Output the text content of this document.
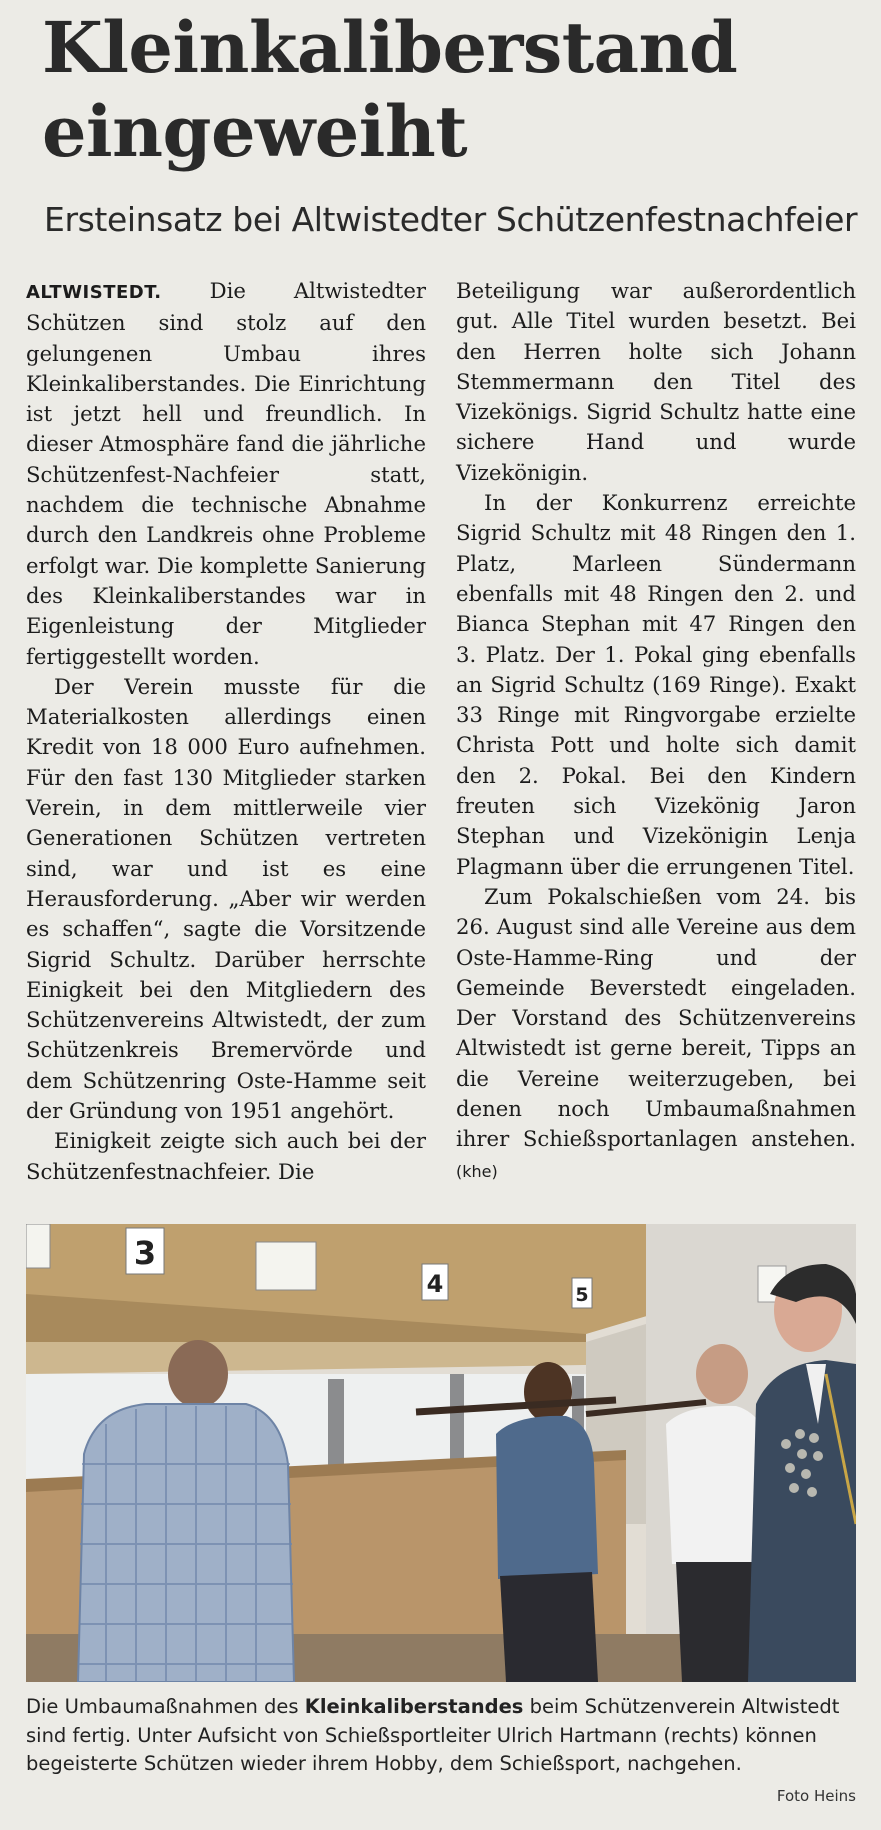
Kleinkaliberstand
eingeweiht
Ersteinsatz bei Altwistedter Schützenfestnachfeier

ALTWISTEDT. Die Altwistedter Schützen sind stolz auf den gelungenen Umbau ihres Kleinkaliberstandes. Die Einrichtung ist jetzt hell und freundlich. In dieser Atmosphäre fand die jährliche Schützenfest-Nachfeier statt, nachdem die technische Abnahme durch den Landkreis ohne Probleme erfolgt war. Die komplette Sanierung des Kleinkaliberstandes war in Eigenleistung der Mitglieder fertiggestellt worden.

Der Verein musste für die Materialkosten allerdings einen Kredit von 18 000 Euro aufnehmen. Für den fast 130 Mitglieder starken Verein, in dem mittlerweile vier Generationen Schützen vertreten sind, war und ist es eine Herausforderung. „Aber wir werden es schaffen“, sagte die Vorsitzende Sigrid Schultz. Darüber herrschte Einigkeit bei den Mitgliedern des Schützenvereins Altwistedt, der zum Schützenkreis Bremervörde und dem Schützenring Oste-Hamme seit der Gründung von 1951 angehört.

Einigkeit zeigte sich auch bei der Schützenfestnachfeier. Die

Beteiligung war außerordentlich gut. Alle Titel wurden besetzt. Bei den Herren holte sich Johann Stemmermann den Titel des Vizekönigs. Sigrid Schultz hatte eine sichere Hand und wurde Vizekönigin.

In der Konkurrenz erreichte Sigrid Schultz mit 48 Ringen den 1. Platz, Marleen Sündermann ebenfalls mit 48 Ringen den 2. und Bianca Stephan mit 47 Ringen den 3. Platz. Der 1. Pokal ging ebenfalls an Sigrid Schultz (169 Ringe). Exakt 33 Ringe mit Ringvorgabe erzielte Christa Pott und holte sich damit den 2. Pokal. Bei den Kindern freuten sich Vizekönig Jaron Stephan und Vizekönigin Lenja Plagmann über die errungenen Titel.

Zum Pokalschießen vom 24. bis 26. August sind alle Vereine aus dem Oste-Hamme-Ring und der Gemeinde Beverstedt eingeladen. Der Vorstand des Schützenvereins Altwistedt ist gerne bereit, Tipps an die Vereine weiterzugeben, bei denen noch Umbaumaßnahmen ihrer Schießsportanlagen anstehen. (khe)

3
4	5
Die Umbaumaßnahmen des Kleinkaliberstandes beim Schützenverein Altwistedt sind fertig. Unter Aufsicht von Schießsportleiter Ulrich Hartmann (rechts) können begeisterte Schützen wieder ihrem Hobby, dem Schießsport, nachgehen.
Foto Heins
